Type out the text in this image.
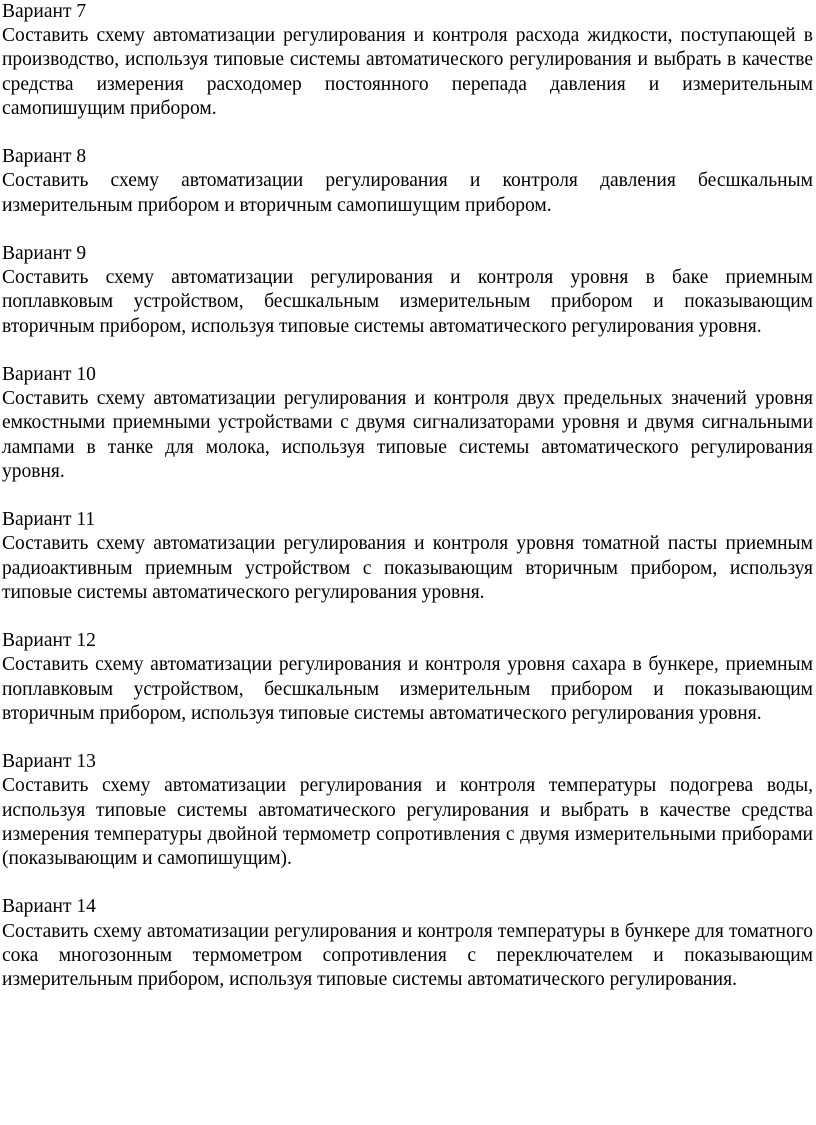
Вариант 7
Составить схему автоматизации регулирования и контроля расхода жидкости, поступающей в производство, используя типовые системы автоматического регулирования и выбрать в качестве средства измерения расходомер постоянного перепада давления и измерительным самопишущим прибором.
Вариант 8
Составить схему автоматизации регулирования и контроля давления бесшкальным измерительным прибором и вторичным самопишущим прибором.
Вариант 9
Составить схему автоматизации регулирования и контроля уровня в баке приемным поплавковым устройством, бесшкальным измерительным прибором и показывающим вторичным прибором, используя типовые системы автоматического регулирования уровня.
Вариант 10
Составить схему автоматизации регулирования и контроля двух предельных значений уровня емкостными приемными устройствами с двумя сигнализаторами уровня и двумя сигнальными лампами в танке для молока, используя типовые системы автоматического регулирования уровня.
Вариант 11
Составить схему автоматизации регулирования и контроля уровня томатной пасты приемным радиоактивным приемным устройством с показывающим вторичным прибором, используя типовые системы автоматического регулирования уровня.
Вариант 12
Составить схему автоматизации регулирования и контроля уровня сахара в бункере, приемным поплавковым устройством, бесшкальным измерительным прибором и показывающим вторичным прибором, используя типовые системы автоматического регулирования уровня.
Вариант 13
Составить схему автоматизации регулирования и контроля температуры подогрева воды, используя типовые системы автоматического регулирования и выбрать в качестве средства измерения температуры двойной термометр сопротивления с двумя измерительными приборами (показывающим и самопишущим).
Вариант 14
Составить схему автоматизации регулирования и контроля температуры в бункере для томатного сока многозонным термометром сопротивления с переключателем и показывающим измерительным прибором, используя типовые системы автоматического регулирования.
